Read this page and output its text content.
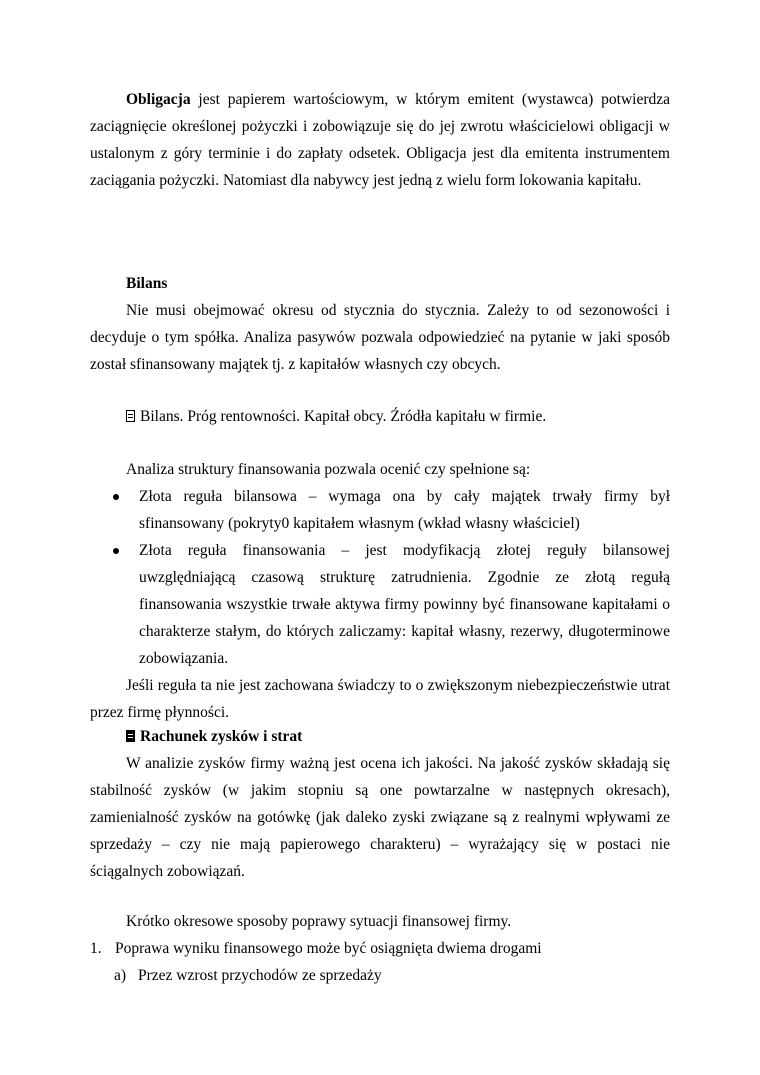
Obligacja jest papierem wartościowym, w którym emitent (wystawca) potwierdza zaciągnięcie określonej pożyczki i zobowiązuje się do jej zwrotu właścicielowi obligacji w ustalonym z góry terminie i do zapłaty odsetek. Obligacja jest dla emitenta instrumentem zaciągania pożyczki. Natomiast dla nabywcy jest jedną z wielu form lokowania kapitału.

Bilans

Nie musi obejmować okresu od stycznia do stycznia. Zależy to od sezonowości i decyduje o tym spółka. Analiza pasywów pozwala odpowiedzieć na pytanie w jaki sposób został sfinansowany majątek tj. z kapitałów własnych czy obcych.

Bilans. Próg rentowności. Kapitał obcy. Źródła kapitału w firmie.
Analiza struktury finansowania pozwala ocenić czy spełnione są:
Złota reguła bilansowa – wymaga ona by cały majątek trwały firmy był sfinansowany (pokryty0 kapitałem własnym (wkład własny właściciel)
Złota reguła finansowania – jest modyfikacją złotej reguły bilansowej uwzględniającą czasową strukturę zatrudnienia. Zgodnie ze złotą regułą finansowania wszystkie trwałe aktywa firmy powinny być finansowane kapitałami o charakterze stałym, do których zaliczamy: kapitał własny, rezerwy, długoterminowe zobowiązania.

Jeśli reguła ta nie jest zachowana świadczy to o zwiększonym niebezpieczeństwie utrat przez firmę płynności.

Rachunek zysków i strat

W analizie zysków firmy ważną jest ocena ich jakości. Na jakość zysków składają się stabilność zysków (w jakim stopniu są one powtarzalne w następnych okresach), zamienialność zysków na gotówkę (jak daleko zyski związane są z realnymi wpływami ze sprzedaży – czy nie mają papierowego charakteru) – wyrażający się w postaci nie ściągalnych zobowiązań.

Krótko okresowe sposoby poprawy sytuacji finansowej firmy.
1. Poprawa wyniku finansowego może być osiągnięta dwiema drogami
a) Przez wzrost przychodów ze sprzedaży
